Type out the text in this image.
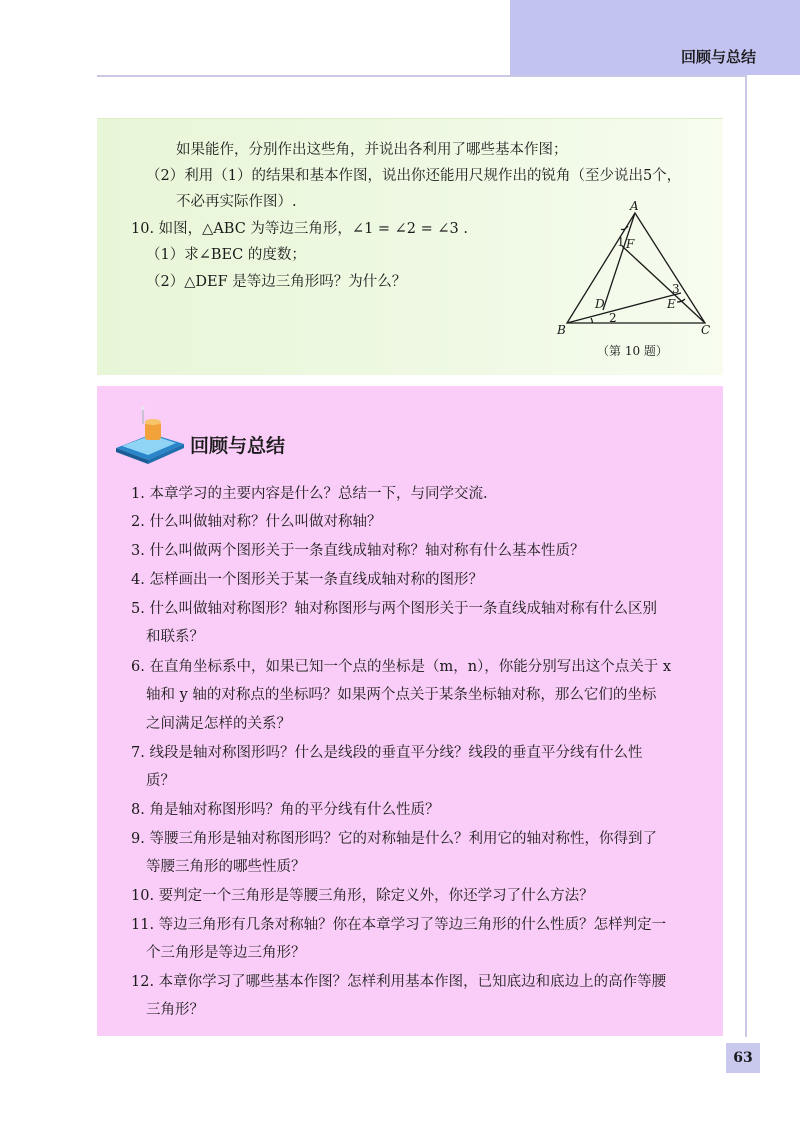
回顾与总结
如果能作，分别作出这些角，并说出各利用了哪些基本作图；
（2）利用（1）的结果和基本作图，说出你还能用尺规作出的锐角（至少说出5个，
不必再实际作图）.
10. 如图，△ABC 为等边三角形，∠1 = ∠2 = ∠3 .
（1）求∠BEC 的度数；
（2）△DEF 是等边三角形吗？为什么？
A
B	C
D	E
F
1
2
3
（第 10 题）
回顾与总结
1. 本章学习的主要内容是什么？总结一下，与同学交流.
2. 什么叫做轴对称？什么叫做对称轴？
3. 什么叫做两个图形关于一条直线成轴对称？轴对称有什么基本性质？
4. 怎样画出一个图形关于某一条直线成轴对称的图形？
5. 什么叫做轴对称图形？轴对称图形与两个图形关于一条直线成轴对称有什么区别
和联系？
6. 在直角坐标系中，如果已知一个点的坐标是（m，n），你能分别写出这个点关于 x
轴和 y 轴的对称点的坐标吗？如果两个点关于某条坐标轴对称，那么它们的坐标
之间满足怎样的关系？
7. 线段是轴对称图形吗？什么是线段的垂直平分线？线段的垂直平分线有什么性
质？
8. 角是轴对称图形吗？角的平分线有什么性质？
9. 等腰三角形是轴对称图形吗？它的对称轴是什么？利用它的轴对称性，你得到了
等腰三角形的哪些性质？
10. 要判定一个三角形是等腰三角形，除定义外，你还学习了什么方法？
11. 等边三角形有几条对称轴？你在本章学习了等边三角形的什么性质？怎样判定一
个三角形是等边三角形？
12. 本章你学习了哪些基本作图？怎样利用基本作图，已知底边和底边上的高作等腰
三角形？
63
